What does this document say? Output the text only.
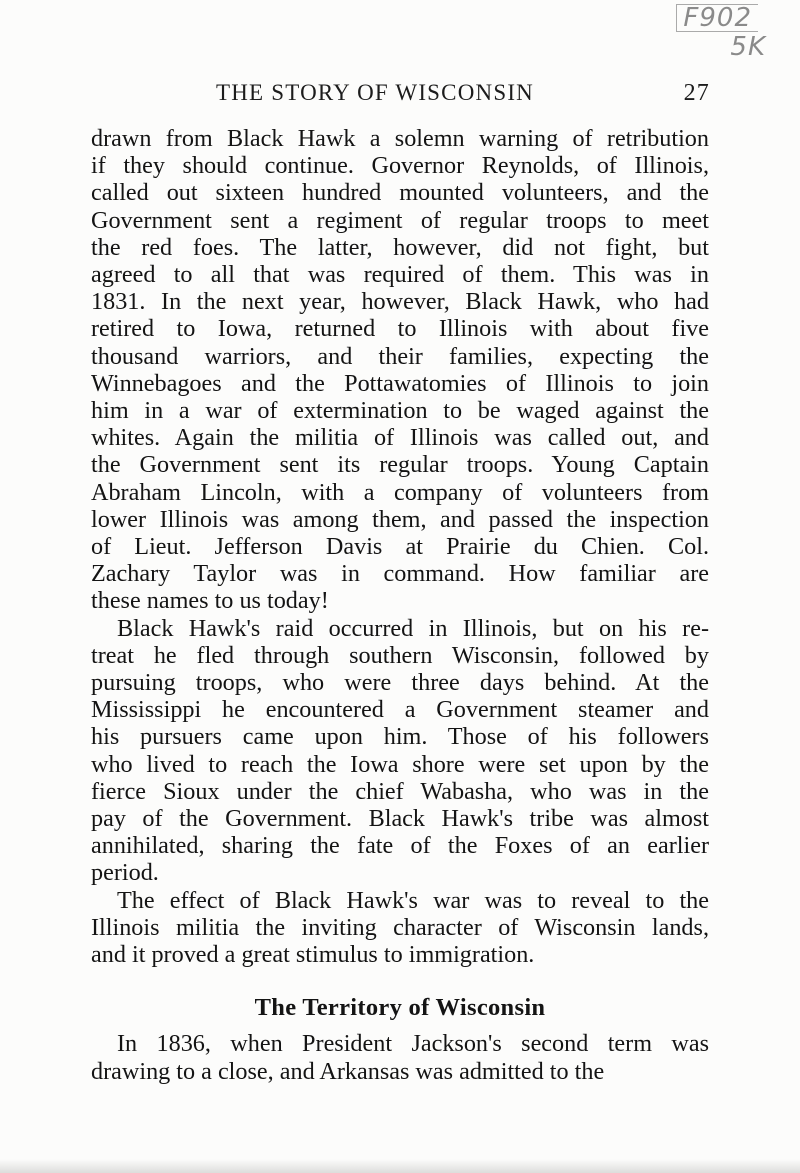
F902
5K
THE STORY OF WISCONSIN	27
drawn from Black Hawk a solemn warning of retribution
if they should continue. Governor Reynolds, of Illinois,
called out sixteen hundred mounted volunteers, and the
Government sent a regiment of regular troops to meet
the red foes. The latter, however, did not fight, but
agreed to all that was required of them. This was in
1831. In the next year, however, Black Hawk, who had
retired to Iowa, returned to Illinois with about five
thousand warriors, and their families, expecting the
Winnebagoes and the Pottawatomies of Illinois to join
him in a war of extermination to be waged against the
whites. Again the militia of Illinois was called out, and
the Government sent its regular troops. Young Captain
Abraham Lincoln, with a company of volunteers from
lower Illinois was among them, and passed the inspection
of Lieut. Jefferson Davis at Prairie du Chien. Col.
Zachary Taylor was in command. How familiar are
these names to us today!
Black Hawk's raid occurred in Illinois, but on his re-
treat he fled through southern Wisconsin, followed by
pursuing troops, who were three days behind. At the
Mississippi he encountered a Government steamer and
his pursuers came upon him. Those of his followers
who lived to reach the Iowa shore were set upon by the
fierce Sioux under the chief Wabasha, who was in the
pay of the Government. Black Hawk's tribe was almost
annihilated, sharing the fate of the Foxes of an earlier
period.
The effect of Black Hawk's war was to reveal to the
Illinois militia the inviting character of Wisconsin lands,
and it proved a great stimulus to immigration.
The Territory of Wisconsin
In 1836, when President Jackson's second term was
drawing to a close, and Arkansas was admitted to the
